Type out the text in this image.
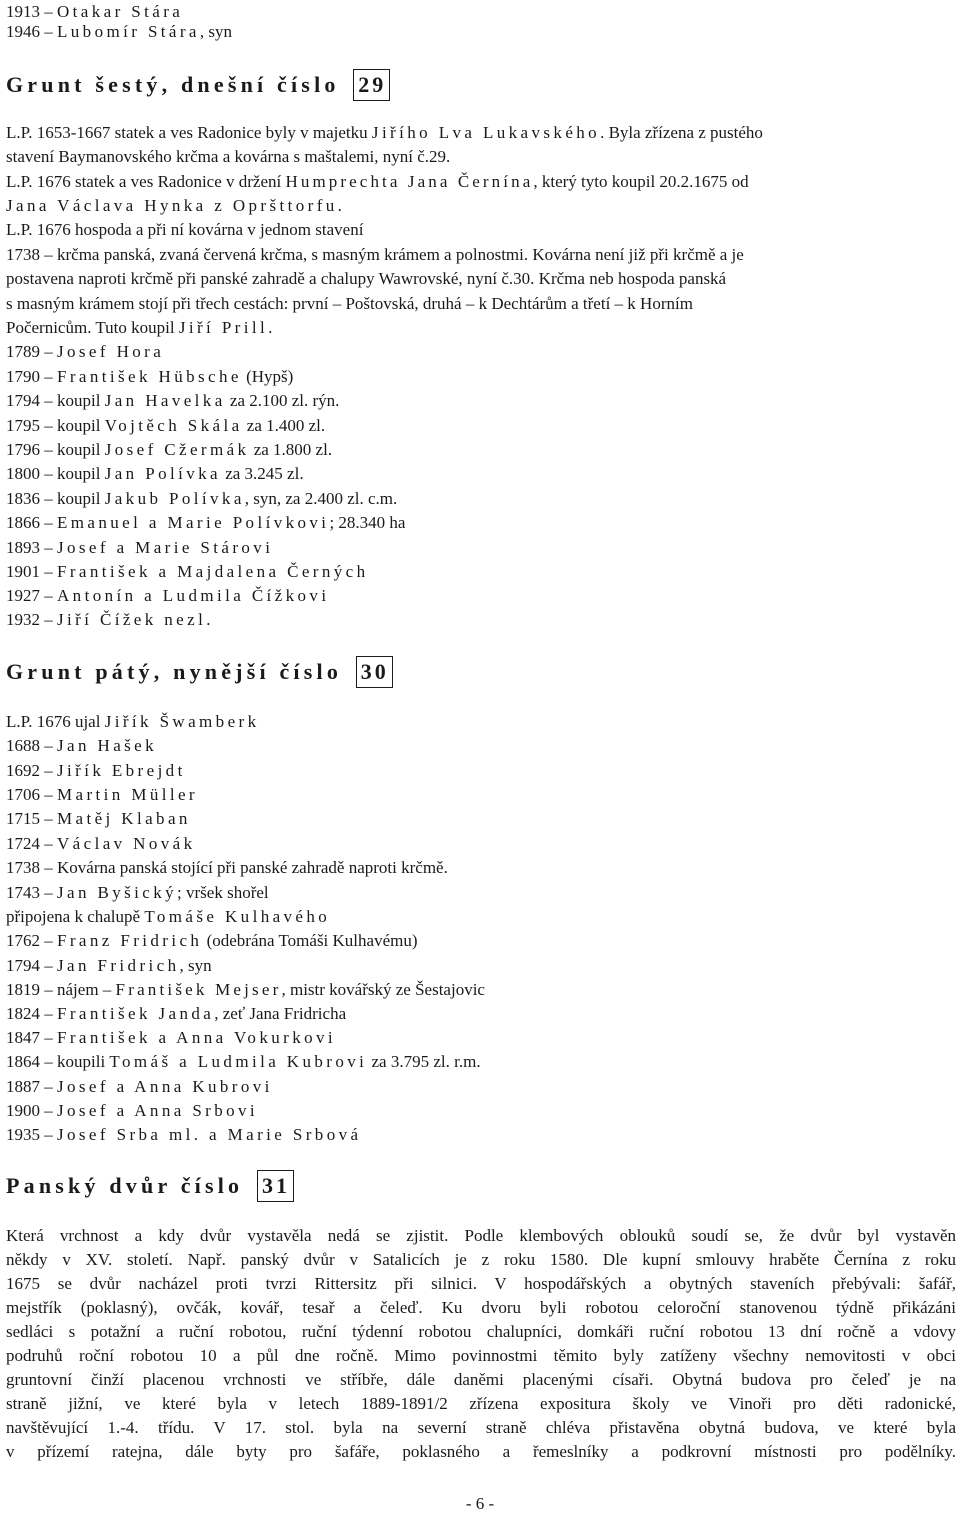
1913 – Otakar Stára
1946 – Lubomír Stára, syn
Grunt šestý, dnešní číslo 29
L.P. 1653-1667 statek a ves Radonice byly v majetku Jiřího Lva Lukavského. Byla zřízena z pustého
stavení Baymanovského krčma a kovárna s maštalemi, nyní č.29.
L.P. 1676 statek a ves Radonice v držení Humprechta Jana Černína, který tyto koupil 20.2.1675 od
Jana Václava Hynka z Opršttorfu.
L.P. 1676 hospoda a při ní kovárna v jednom stavení
1738 – krčma panská, zvaná červená krčma, s masným krámem a polnostmi. Kovárna není již při krčmě a je
postavena naproti krčmě při panské zahradě a chalupy Wawrovské, nyní č.30. Krčma neb hospoda panská
s masným krámem stojí při třech cestách: první – Poštovská, druhá – k Dechtárům a třetí – k Horním
Počernicům. Tuto koupil Jiří Prill.
1789 – Josef Hora
1790 – František Hübsche (Hypš)
1794 – koupil Jan Havelka za 2.100 zl. rýn.
1795 – koupil Vojtěch Skála za 1.400 zl.
1796 – koupil Josef Cžermák za 1.800 zl.
1800 – koupil Jan Polívka za 3.245 zl.
1836 – koupil Jakub Polívka, syn, za 2.400 zl. c.m.
1866 – Emanuel a Marie Polívkovi; 28.340 ha
1893 – Josef a Marie Stárovi
1901 – František a Majdalena Černých
1927 – Antonín a Ludmila Čížkovi
1932 – Jiří Čížek nezl.
Grunt pátý, nynější číslo 30
L.P. 1676 ujal Jiřík Šwamberk
1688 – Jan Hašek
1692 – Jiřík Ebrejdt
1706 – Martin Müller
1715 – Matěj Klaban
1724 – Václav Novák
1738 – Kovárna panská stojící při panské zahradě naproti krčmě.
1743 – Jan Byšický; vršek shořel
připojena k chalupě Tomáše Kulhavého
1762 – Franz Fridrich (odebrána Tomáši Kulhavému)
1794 – Jan Fridrich, syn
1819 – nájem – František Mejser, mistr kovářský ze Šestajovic
1824 – František Janda, zeť Jana Fridricha
1847 – František a Anna Vokurkovi
1864 – koupili Tomáš a Ludmila Kubrovi za 3.795 zl. r.m.
1887 – Josef a Anna Kubrovi
1900 – Josef a Anna Srbovi
1935 – Josef Srba ml. a Marie Srbová
Panský dvůr číslo 31
Která vrchnost a kdy dvůr vystavěla nedá se zjistit. Podle klembových oblouků soudí se, že dvůr byl vystavěn
někdy v XV. století. Např. panský dvůr v Satalicích je z roku 1580. Dle kupní smlouvy hraběte Černína z roku
1675 se dvůr nacházel proti tvrzi Rittersitz při silnici. V hospodářských a obytných staveních přebývali: šafář,
mejstřík (poklasný), ovčák, kovář, tesař a čeleď. Ku dvoru byli robotou celoroční stanovenou týdně přikázáni
sedláci s potažní a ruční robotou, ruční týdenní robotou chalupníci, domkáři ruční robotou 13 dní ročně a vdovy
podruhů roční robotou 10 a půl dne ročně. Mimo povinnostmi těmito byly zatíženy všechny nemovitosti v obci
gruntovní činží placenou vrchnosti ve stříbře, dále daněmi placenými císaři. Obytná budova pro čeleď je na
straně jižní, ve které byla v letech 1889-1891/2 zřízena expositura školy ve Vinoři pro děti radonické,
navštěvující 1.-4. třídu. V 17. stol. byla na severní straně chléva přistavěna obytná budova, ve které byla
v přízemí ratejna, dále byty pro šafáře, poklasného a řemeslníky a podkrovní místnosti pro podělníky.
- 6 -
